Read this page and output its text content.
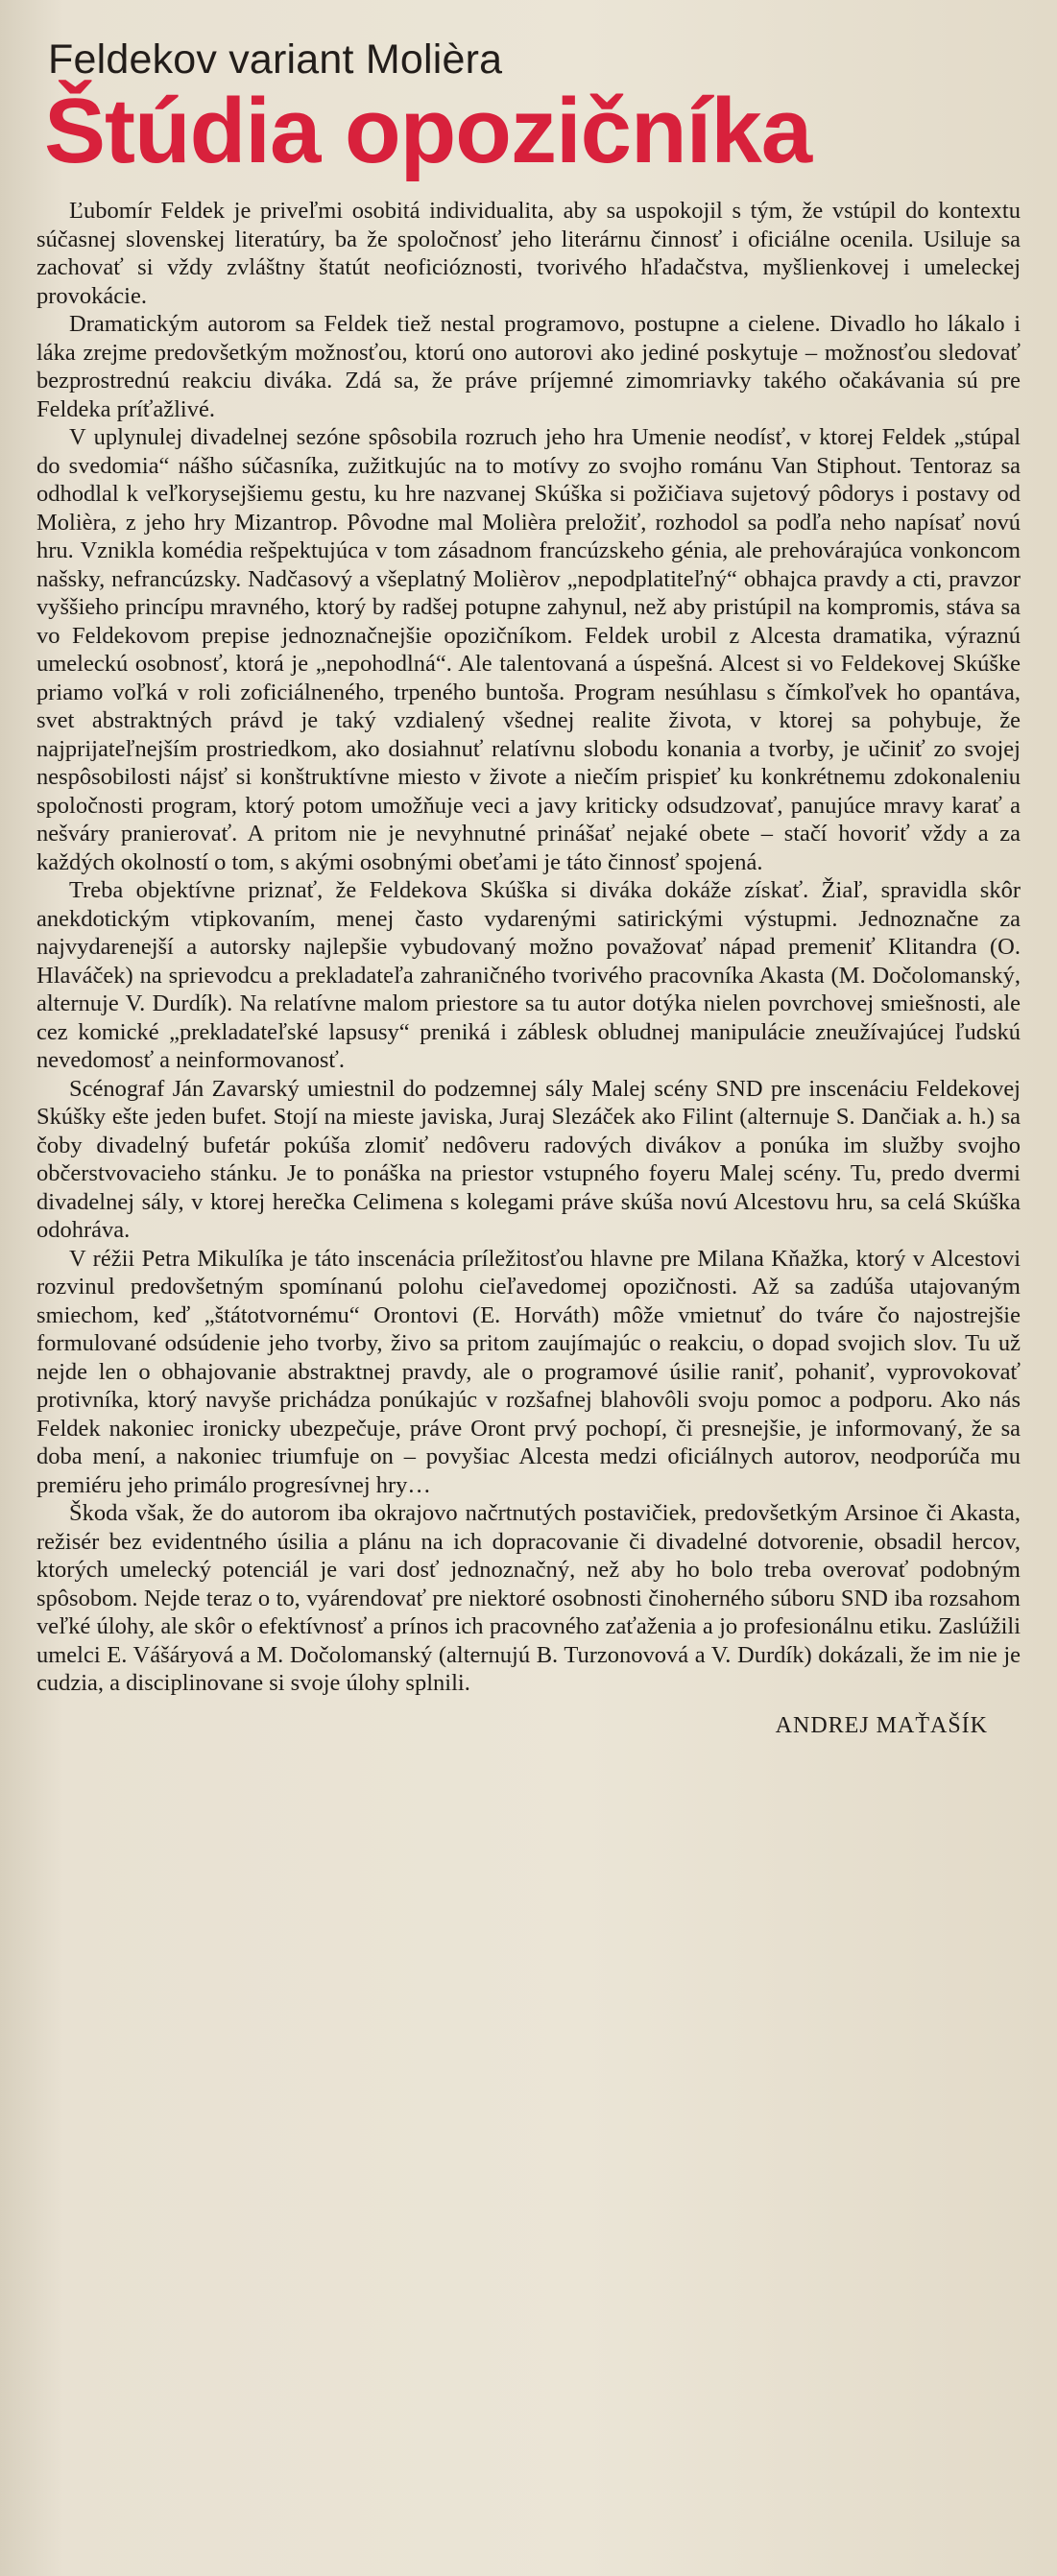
Feldekov variant Molièra
Štúdia opozičníka

Ľubomír Feldek je priveľmi osobitá individualita, aby sa uspokojil s tým, že vstúpil do kontextu súčasnej slovenskej literatúry, ba že spoločnosť jeho literárnu činnosť i oficiálne ocenila. Usiluje sa zachovať si vždy zvláštny štatút neoficióznosti, tvorivého hľadačstva, myšlienkovej i umeleckej provokácie.

Dramatickým autorom sa Feldek tiež nestal programovo, postupne a cielene. Divadlo ho lákalo i láka zrejme predovšetkým možnosťou, ktorú ono autorovi ako jediné poskytuje – možnosťou sledovať bezprostrednú reakciu diváka. Zdá sa, že práve príjemné zimomriavky takého očakávania sú pre Feldeka príťažlivé.

V uplynulej divadelnej sezóne spôsobila rozruch jeho hra Umenie neodísť, v ktorej Feldek „stúpal do svedomia“ nášho súčasníka, zužitkujúc na to motívy zo svojho románu Van Stiphout. Tentoraz sa odhodlal k veľkorysejšiemu gestu, ku hre nazvanej Skúška si požičiava sujetový pôdorys i postavy od Molièra, z jeho hry Mizantrop. Pôvodne mal Molièra preložiť, rozhodol sa podľa neho napísať novú hru. Vznikla komédia rešpektujúca v tom zásadnom francúzskeho génia, ale prehovárajúca vonkoncom našsky, nefrancúzsky. Nadčasový a všeplatný Molièrov „nepodplatiteľný“ obhajca pravdy a cti, pravzor vyššieho princípu mravného, ktorý by radšej potupne zahynul, než aby pristúpil na kompromis, stáva sa vo Feldekovom prepise jednoznačnejšie opozičníkom. Feldek urobil z Alcesta dramatika, výraznú umeleckú osobnosť, ktorá je „nepohodlná“. Ale talentovaná a úspešná. Alcest si vo Feldekovej Skúške priamo voľká v roli zoficiálneného, trpeného buntoša. Program nesúhlasu s čímkoľvek ho opantáva, svet abstraktných právd je taký vzdialený všednej realite života, v ktorej sa pohybuje, že najprijateľnejším prostriedkom, ako dosiahnuť relatívnu slobodu konania a tvorby, je učiniť zo svojej nespôsobilosti nájsť si konštruktívne miesto v živote a niečím prispieť ku konkrétnemu zdokonaleniu spoločnosti program, ktorý potom umožňuje veci a javy kriticky odsudzovať, panujúce mravy karať a nešváry pranierovať. A pritom nie je nevyhnutné prinášať nejaké obete – stačí hovoriť vždy a za každých okolností o tom, s akými osobnými obeťami je táto činnosť spojená.

Treba objektívne priznať, že Feldekova Skúška si diváka dokáže získať. Žiaľ, spravidla skôr anekdotickým vtipkovaním, menej často vydarenými satirickými výstupmi. Jednoznačne za najvydarenejší a autorsky najlepšie vybudovaný možno považovať nápad premeniť Klitandra (O. Hlaváček) na sprievodcu a prekladateľa zahraničného tvorivého pracovníka Akasta (M. Dočolomanský, alternuje V. Durdík). Na relatívne malom priestore sa tu autor dotýka nielen povrchovej smiešnosti, ale cez komické „prekladateľské lapsusy“ preniká i záblesk obludnej manipulácie zneužívajúcej ľudskú nevedomosť a neinformovanosť.

Scénograf Ján Zavarský umiestnil do podzemnej sály Malej scény SND pre inscenáciu Feldekovej Skúšky ešte jeden bufet. Stojí na mieste javiska, Juraj Slezáček ako Filint (alternuje S. Dančiak a. h.) sa čoby divadelný bufetár pokúša zlomiť nedôveru radových divákov a ponúka im služby svojho občerstvovacieho stánku. Je to ponáška na priestor vstupného foyeru Malej scény. Tu, predo dvermi divadelnej sály, v ktorej herečka Celimena s kolegami práve skúša novú Alcestovu hru, sa celá Skúška odohráva.

V réžii Petra Mikulíka je táto inscenácia príležitosťou hlavne pre Milana Kňažka, ktorý v Alcestovi rozvinul predovšetným spomínanú polohu cieľavedomej opozičnosti. Až sa zadúša utajovaným smiechom, keď „štátotvornému“ Orontovi (E. Horváth) môže vmietnuť do tváre čo najostrejšie formulované odsúdenie jeho tvorby, živo sa pritom zaujímajúc o reakciu, o dopad svojich slov. Tu už nejde len o obhajovanie abstraktnej pravdy, ale o programové úsilie raniť, pohaniť, vyprovokovať protivníka, ktorý navyše prichádza ponúkajúc v rozšafnej blahovôli svoju pomoc a podporu. Ako nás Feldek nakoniec ironicky ubezpečuje, práve Oront prvý pochopí, či presnejšie, je informovaný, že sa doba mení, a nakoniec triumfuje on – povyšiac Alcesta medzi oficiálnych autorov, neodporúča mu premiéru jeho primálo progresívnej hry…

Škoda však, že do autorom iba okrajovo načrtnutých postavičiek, predovšetkým Arsinoe či Akasta, režisér bez evidentného úsilia a plánu na ich dopracovanie či divadelné dotvorenie, obsadil hercov, ktorých umelecký potenciál je vari dosť jednoznačný, než aby ho bolo treba overovať podobným spôsobom. Nejde teraz o to, vyárendovať pre niektoré osobnosti činoherného súboru SND iba rozsahom veľké úlohy, ale skôr o efektívnosť a prínos ich pracovného zaťaženia a jo profesionálnu etiku. Zaslúžili umelci E. Vášáryová a M. Dočolomanský (alternujú B. Turzonovová a V. Durdík) dokázali, že im nie je cudzia, a disciplinovane si svoje úlohy splnili.

ANDREJ MAŤAŠÍK
